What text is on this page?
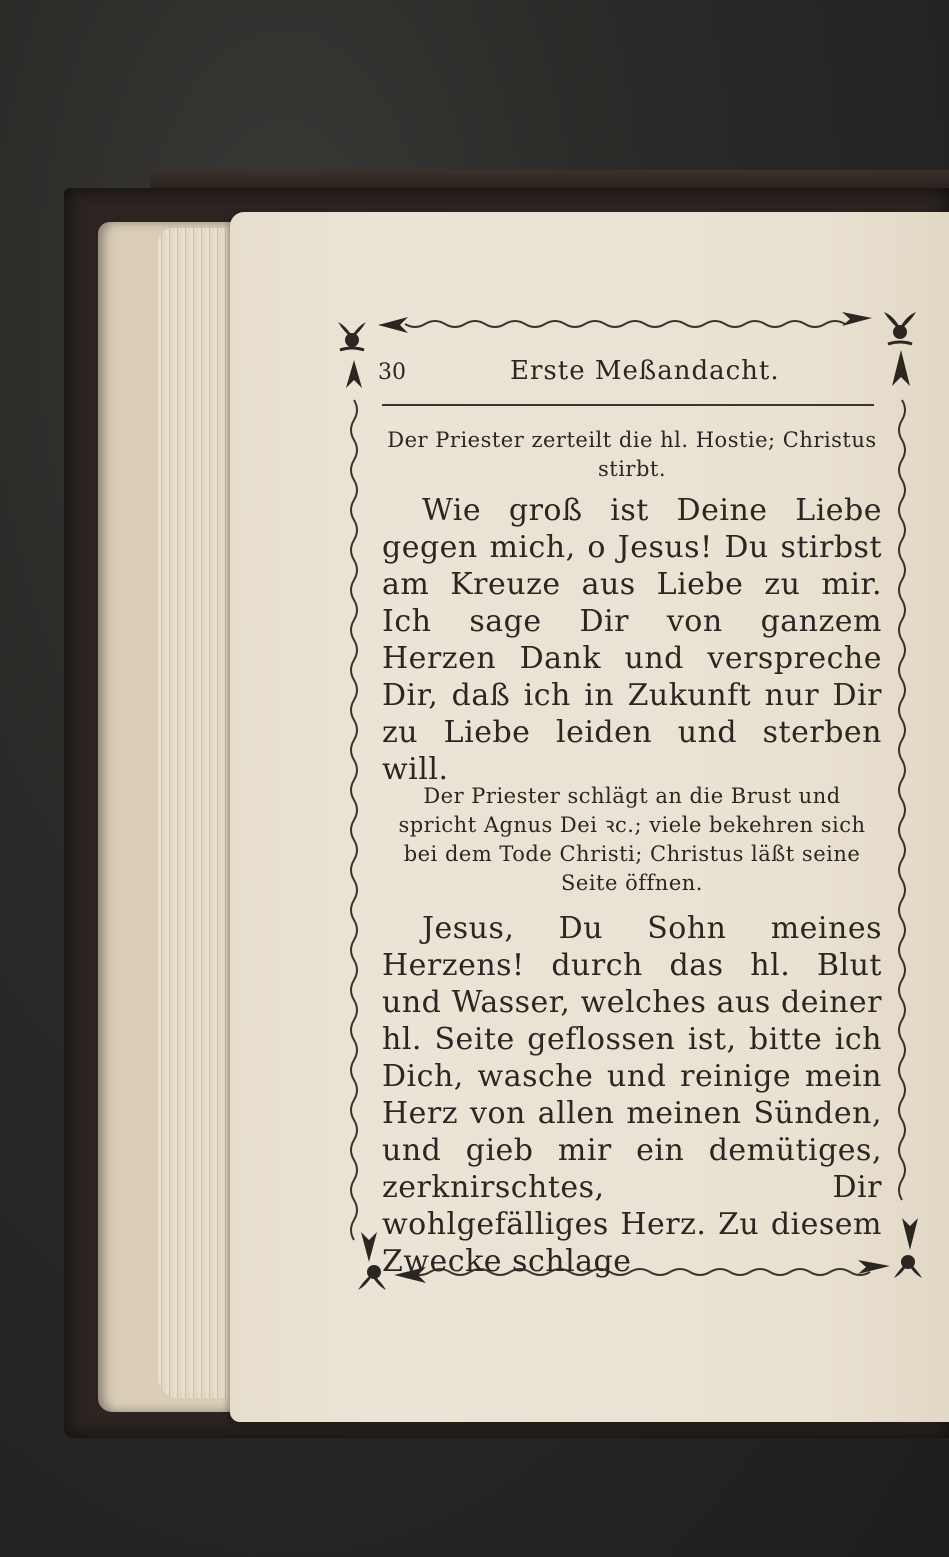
30	Erste Meßandacht.

Der Priester zerteilt die hl. Hostie; Christus stirbt.

Wie groß ist Deine Liebe gegen mich, o Jesus! Du stirbst am Kreuze aus Liebe zu mir. Ich sage Dir von ganzem Herzen Dank und verspreche Dir, daß ich in Zukunft nur Dir zu Liebe leiden und sterben will.

Der Priester schlägt an die Brust und spricht Agnus Dei ꝛc.; viele bekehren sich bei dem Tode Christi; Christus läßt seine Seite öffnen.

Jesus, Du Sohn meines Herzens! durch das hl. Blut und Wasser, welches aus deiner hl. Seite geflossen ist, bitte ich Dich, wasche und reinige mein Herz von allen meinen Sünden, und gieb mir ein demütiges, zerknirschtes, Dir wohlgefälliges Herz. Zu diesem Zwecke schlage
